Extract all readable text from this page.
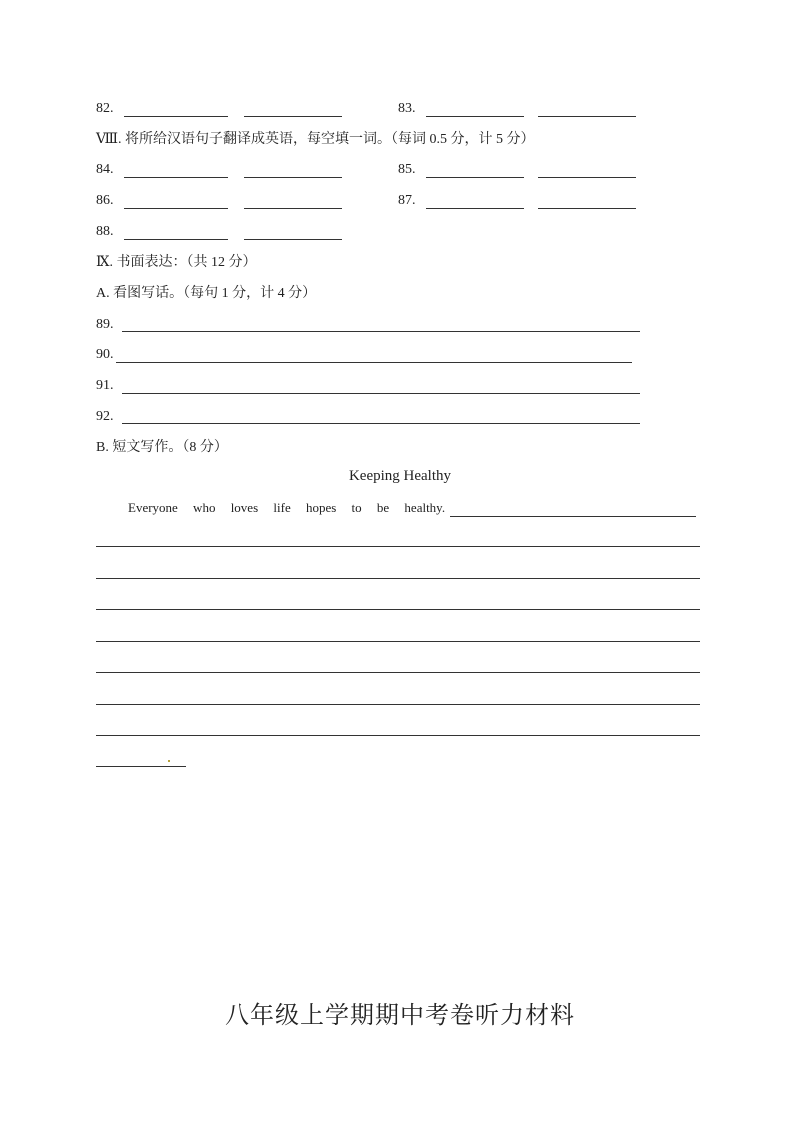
82.	83.
Ⅷ. 将所给汉语句子翻译成英语，每空填一词。（每词 0.5 分，计 5 分）
84.	85.
86.	87.
88.
Ⅸ. 书面表达：（共 12 分）
A. 看图写话。（每句 1 分，计 4 分）
89.
90.
91.
92.
B. 短文写作。（8 分）
Keeping Healthy
Everyone who loves life hopes to be healthy.
八年级上学期期中考卷听力材料
